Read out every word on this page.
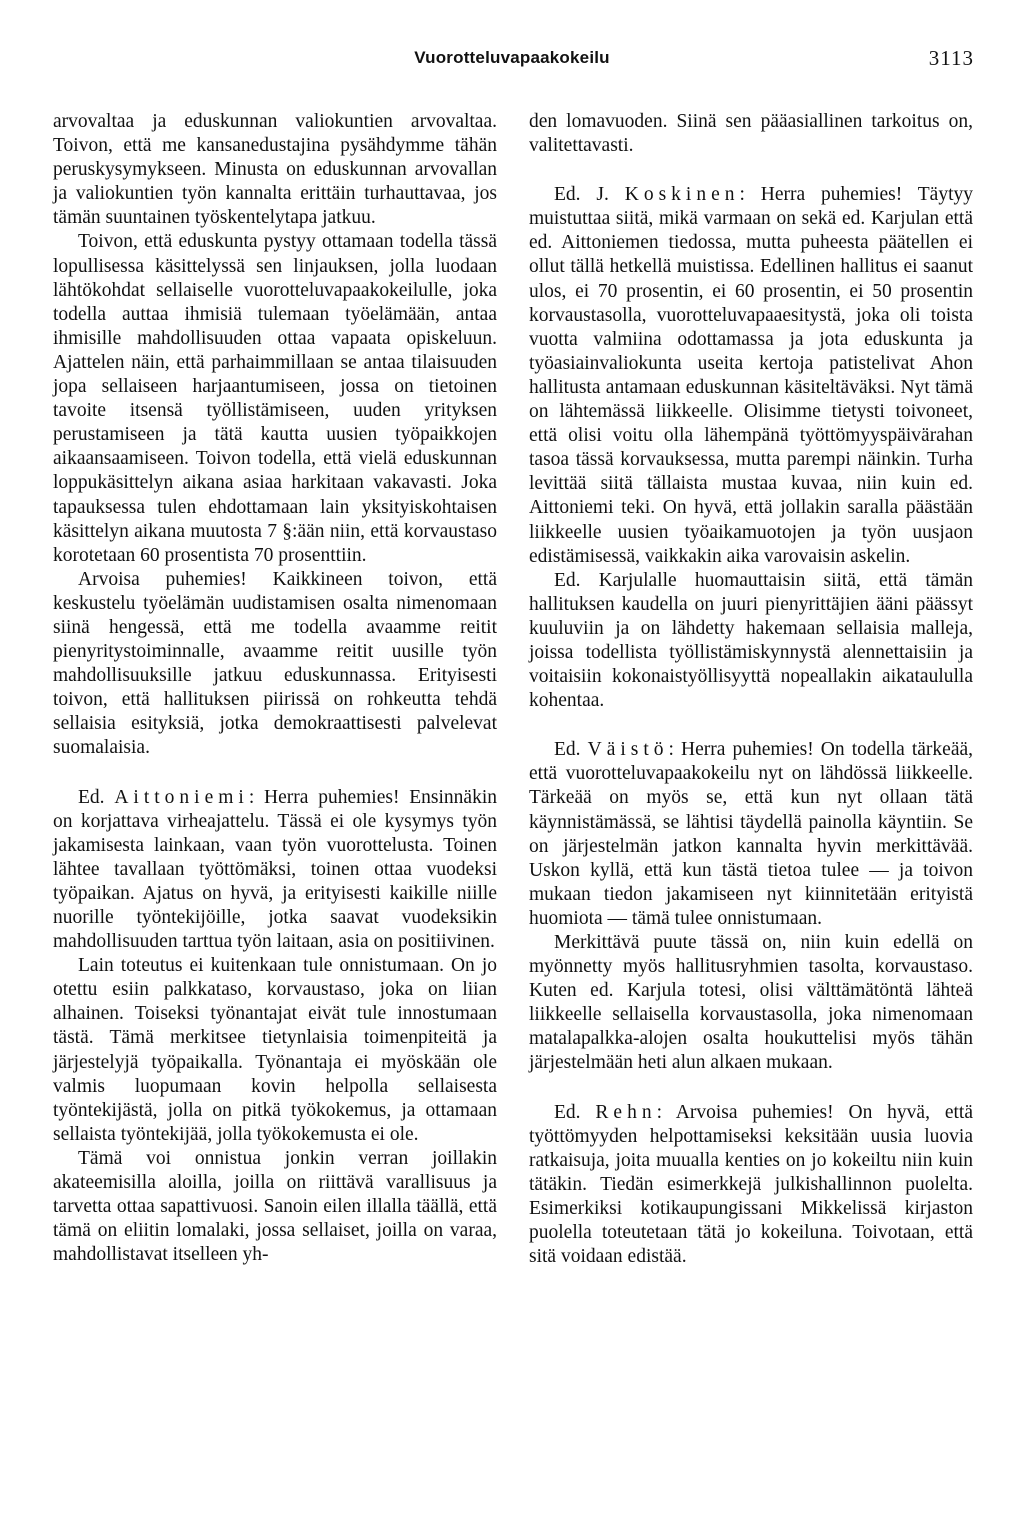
Vuorotteluvapaakokeilu	3113

arvovaltaa ja eduskunnan valiokuntien arvovaltaa. Toivon, että me kansanedustajina pysähdymme tähän peruskysymykseen. Minusta on eduskunnan arvovallan ja valiokuntien työn kannalta erittäin turhauttavaa, jos tämän suuntainen työskentelytapa jatkuu.

Toivon, että eduskunta pystyy ottamaan todella tässä lopullisessa käsittelyssä sen linjauksen, jolla luodaan lähtökohdat sellaiselle vuorotteluvapaakokeilulle, joka todella auttaa ihmisiä tulemaan työelämään, antaa ihmisille mahdollisuuden ottaa vapaata opiskeluun. Ajattelen näin, että parhaimmillaan se antaa tilaisuuden jopa sellaiseen harjaantumiseen, jossa on tietoinen tavoite itsensä työllistämiseen, uuden yrityksen perustamiseen ja tätä kautta uusien työpaikkojen aikaansaamiseen. Toivon todella, että vielä eduskunnan loppukäsittelyn aikana asiaa harkitaan vakavasti. Joka tapauksessa tulen ehdottamaan lain yksityiskohtaisen käsittelyn aikana muutosta 7 §:ään niin, että korvaustaso korotetaan 60 prosentista 70 prosenttiin.

Arvoisa puhemies! Kaikkineen toivon, että keskustelu työelämän uudistamisen osalta nimenomaan siinä hengessä, että me todella avaamme reitit pienyritystoiminnalle, avaamme reitit uusille työn mahdollisuuksille jatkuu eduskunnassa. Erityisesti toivon, että hallituksen piirissä on rohkeutta tehdä sellaisia esityksiä, jotka demokraattisesti palvelevat suomalaisia.

Ed. Aittoniemi: Herra puhemies! Ensinnäkin on korjattava virheajattelu. Tässä ei ole kysymys työn jakamisesta lainkaan, vaan työn vuorottelusta. Toinen lähtee tavallaan työttömäksi, toinen ottaa vuodeksi työpaikan. Ajatus on hyvä, ja erityisesti kaikille niille nuorille työntekijöille, jotka saavat vuodeksikin mahdollisuuden tarttua työn laitaan, asia on positiivinen.

Lain toteutus ei kuitenkaan tule onnistumaan. On jo otettu esiin palkkataso, korvaustaso, joka on liian alhainen. Toiseksi työnantajat eivät tule innostumaan tästä. Tämä merkitsee tietynlaisia toimenpiteitä ja järjestelyjä työpaikalla. Työnantaja ei myöskään ole valmis luopumaan kovin helpolla sellaisesta työntekijästä, jolla on pitkä työkokemus, ja ottamaan sellaista työntekijää, jolla työkokemusta ei ole.

Tämä voi onnistua jonkin verran joillakin akateemisilla aloilla, joilla on riittävä varallisuus ja tarvetta ottaa sapattivuosi. Sanoin eilen illalla täällä, että tämä on eliitin lomalaki, jossa sellaiset, joilla on varaa, mahdollistavat itselleen yh-

den lomavuoden. Siinä sen pääasiallinen tarkoitus on, valitettavasti.

Ed. J. Koskinen: Herra puhemies! Täytyy muistuttaa siitä, mikä varmaan on sekä ed. Karjulan että ed. Aittoniemen tiedossa, mutta puheesta päätellen ei ollut tällä hetkellä muistissa. Edellinen hallitus ei saanut ulos, ei 70 prosentin, ei 60 prosentin, ei 50 prosentin korvaustasolla, vuorotteluvapaaesitystä, joka oli toista vuotta valmiina odottamassa ja jota eduskunta ja työasiainvaliokunta useita kertoja patistelivat Ahon hallitusta antamaan eduskunnan käsiteltäväksi. Nyt tämä on lähtemässä liikkeelle. Olisimme tietysti toivoneet, että olisi voitu olla lähempänä työttömyyspäivärahan tasoa tässä korvauksessa, mutta parempi näinkin. Turha levittää siitä tällaista mustaa kuvaa, niin kuin ed. Aittoniemi teki. On hyvä, että jollakin saralla päästään liikkeelle uusien työaikamuotojen ja työn uusjaon edistämisessä, vaikkakin aika varovaisin askelin.

Ed. Karjulalle huomauttaisin siitä, että tämän hallituksen kaudella on juuri pienyrittäjien ääni päässyt kuuluviin ja on lähdetty hakemaan sellaisia malleja, joissa todellista työllistämiskynnystä alennettaisiin ja voitaisiin kokonaistyöllisyyttä nopeallakin aikataululla kohentaa.

Ed. Väistö: Herra puhemies! On todella tärkeää, että vuorotteluvapaakokeilu nyt on lähdössä liikkeelle. Tärkeää on myös se, että kun nyt ollaan tätä käynnistämässä, se lähtisi täydellä painolla käyntiin. Se on järjestelmän jatkon kannalta hyvin merkittävää. Uskon kyllä, että kun tästä tietoa tulee — ja toivon mukaan tiedon jakamiseen nyt kiinnitetään erityistä huomiota — tämä tulee onnistumaan.

Merkittävä puute tässä on, niin kuin edellä on myönnetty myös hallitusryhmien tasolta, korvaustaso. Kuten ed. Karjula totesi, olisi välttämätöntä lähteä liikkeelle sellaisella korvaustasolla, joka nimenomaan matalapalkka-alojen osalta houkuttelisi myös tähän järjestelmään heti alun alkaen mukaan.

Ed. Rehn: Arvoisa puhemies! On hyvä, että työttömyyden helpottamiseksi keksitään uusia luovia ratkaisuja, joita muualla kenties on jo kokeiltu niin kuin tätäkin. Tiedän esimerkkejä julkishallinnon puolelta. Esimerkiksi kotikaupungissani Mikkelissä kirjaston puolella toteutetaan tätä jo kokeiluna. Toivotaan, että sitä voidaan edistää.
